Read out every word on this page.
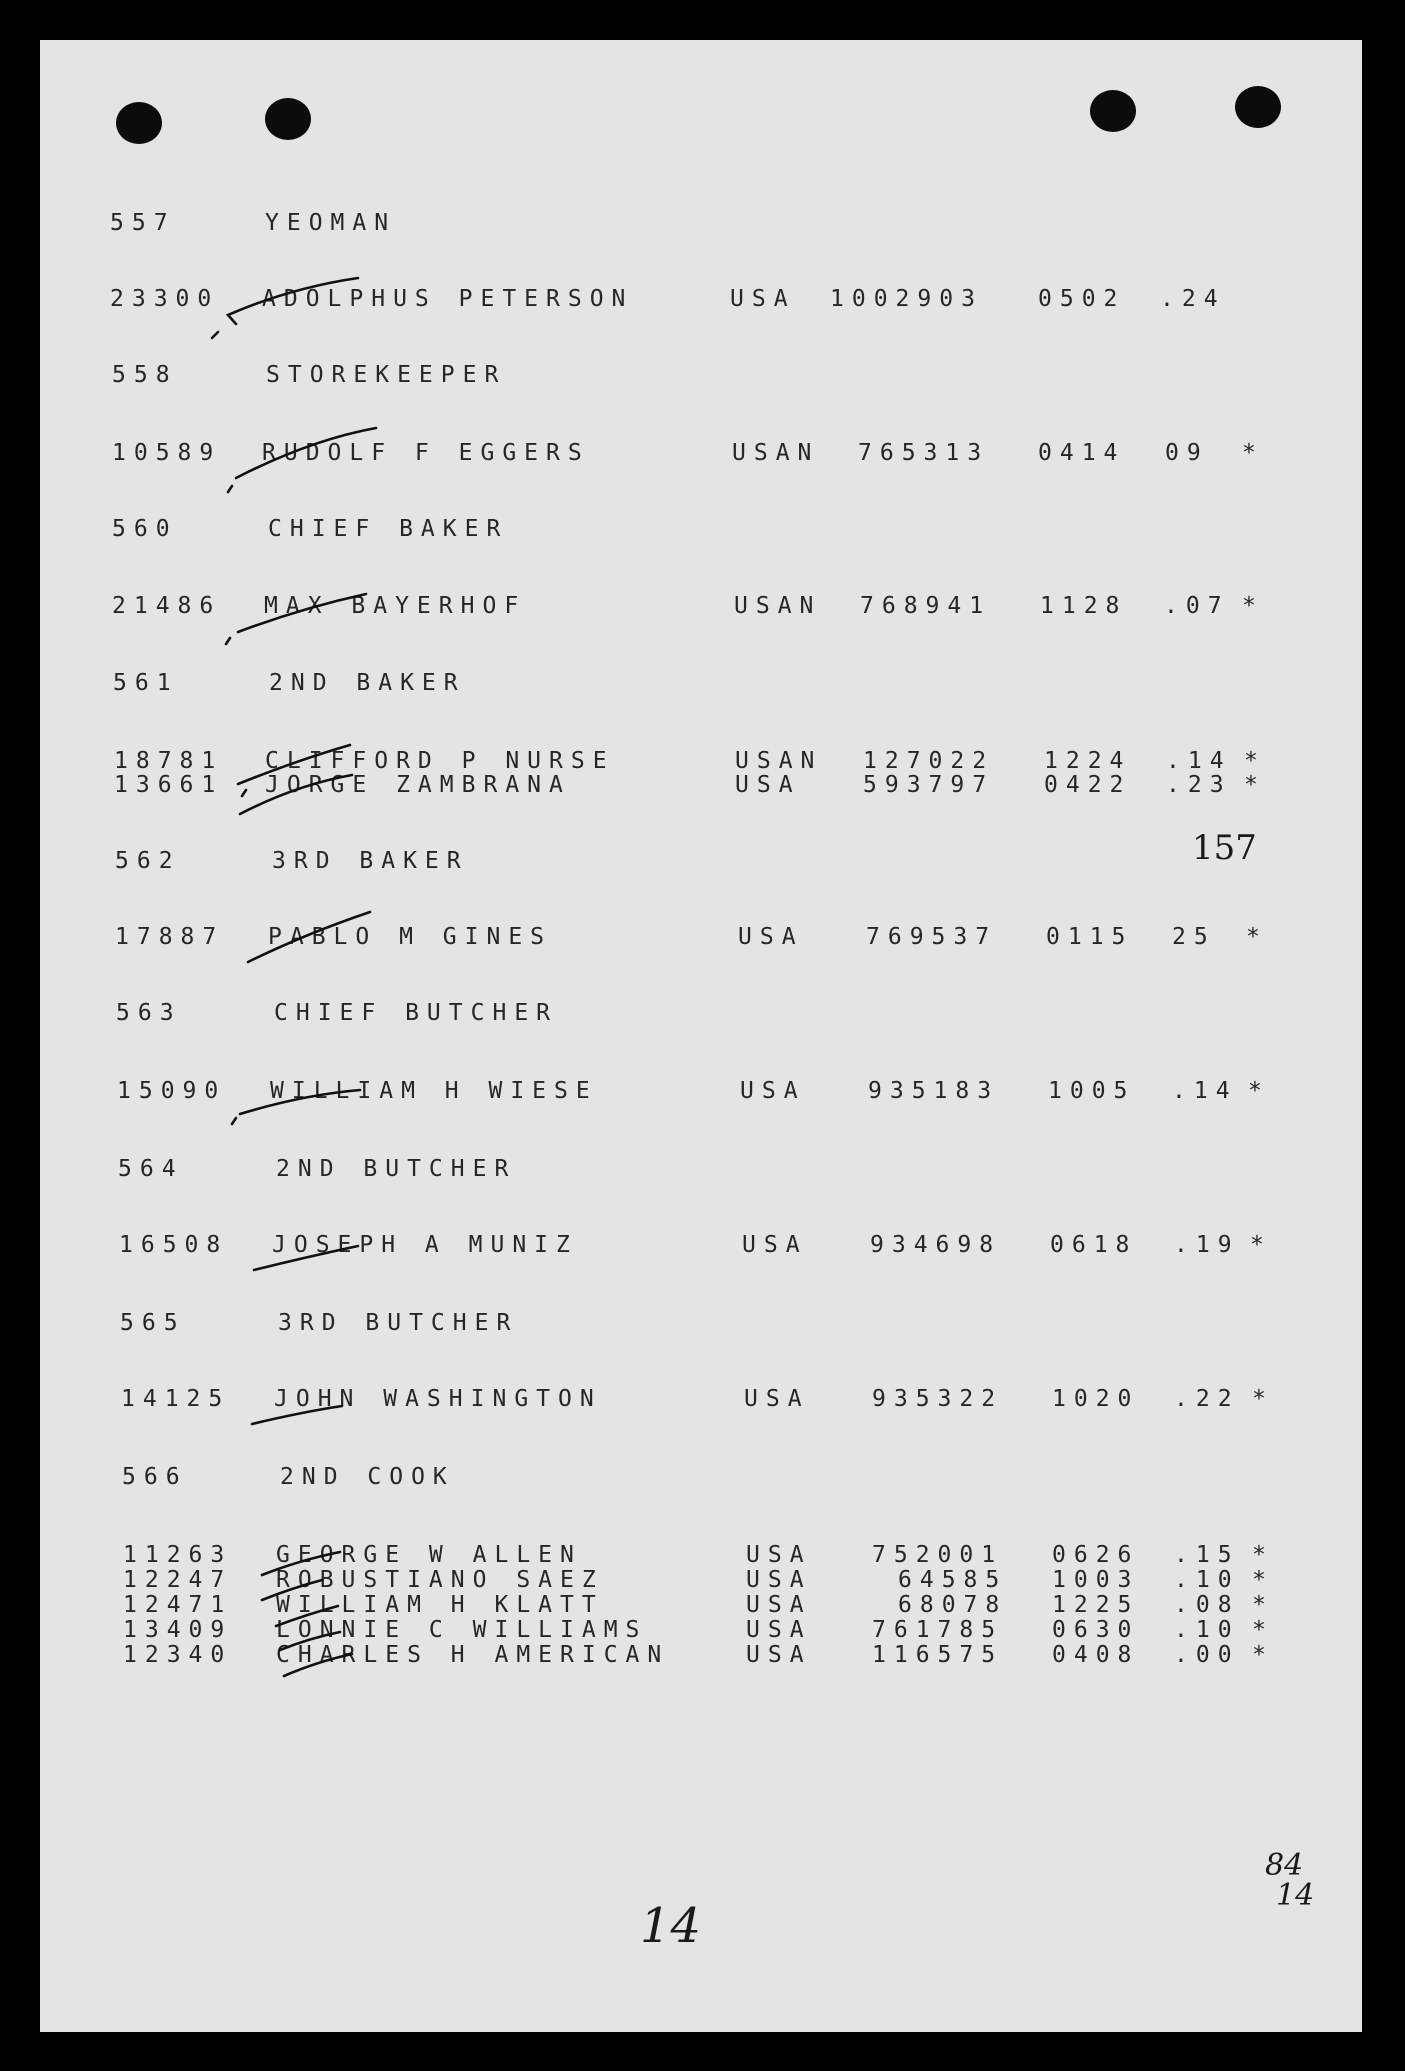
557	YEOMAN
23300 ADOLPHUS PETERSON	USA 1002903 0502 .24
558	STOREKEEPER
10589 RUDOLF F EGGERS	USAN 765313 0414 09 *
560	CHIEF BAKER
21486 MAX BAYERHOF	USAN 768941 1128 .07 *
561	2ND BAKER
18781 CLIFFORD P NURSE	USAN 127022 1224 .14 *
13661 JORGE ZAMBRANA	USA	593797 0422 .23 *
562	3RD BAKER	157
17887 PABLO M GINES	USA	769537 0115 25 *
563	CHIEF BUTCHER
15090 WILLIAM H WIESE	USA	935183 1005 .14 *
564	2ND BUTCHER
16508 JOSEPH A MUNIZ	USA	934698 0618 .19 *
565	3RD BUTCHER
14125 JOHN WASHINGTON	USA	935322 1020 .22 *
566	2ND COOK
11263 GEORGE W ALLEN	USA	752001 0626 .15 *
12247 ROBUSTIANO SAEZ	USA	64585 1003 .10 *
12471 WILLIAM H KLATT	USA	68078 1225 .08 *
13409 LONNIE C WILLIAMS	USA	761785 0630 .10 *
12340 CHARLES H AMERICAN	USA	116575 0408 .00 *
14
84
14
